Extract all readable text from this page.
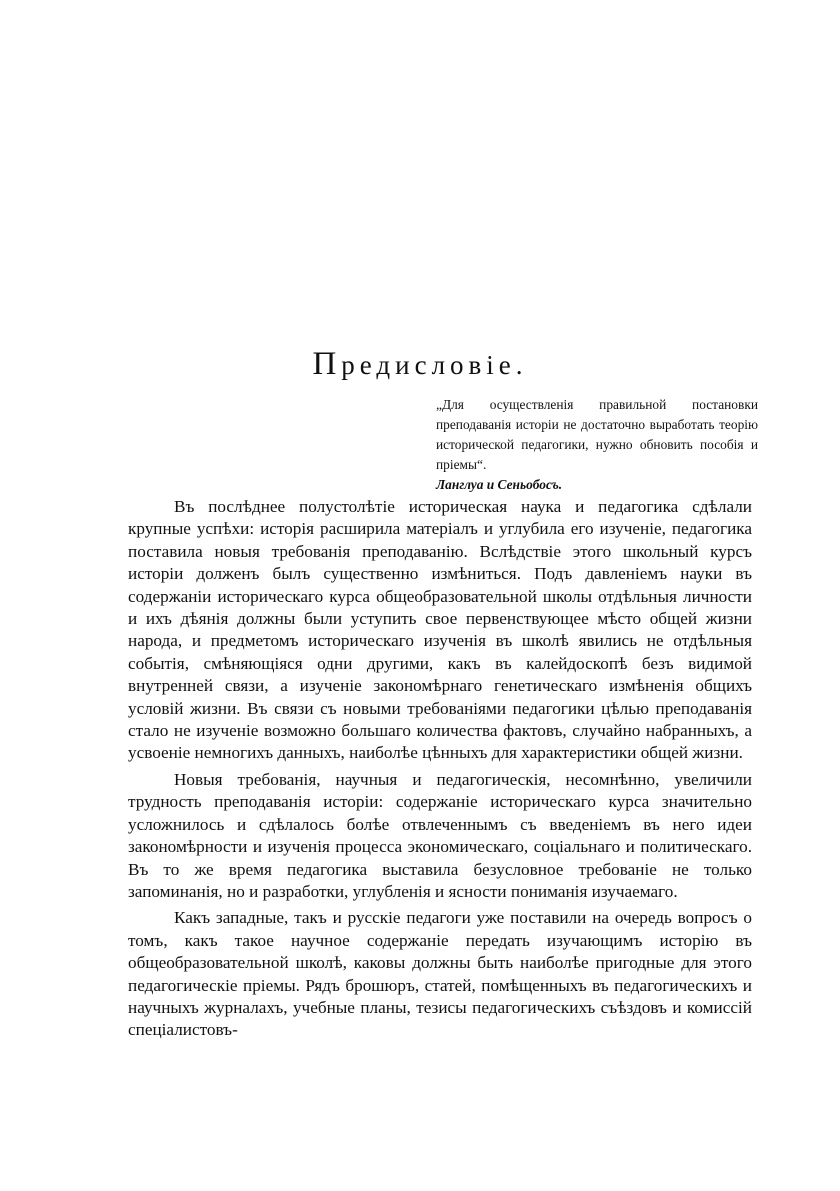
Предисловіе.

„Для осуществленія правильной постановки преподаванія исторіи не достаточно выработать теорію исторической педагогики, нужно обновить пособія и пріемы“.

Ланглуа и Сеньобосъ.

Въ послѣднее полустолѣтіе историческая наука и педагогика сдѣлали крупные успѣхи: исторія расширила матеріалъ и углубила его изученіе, педагогика поставила новыя требованія преподаванію. Вслѣдствіе этого школьный курсъ исторіи долженъ былъ существенно измѣниться. Подъ давленіемъ науки въ содержаніи историческаго курса общеобразовательной школы отдѣльныя личности и ихъ дѣянія должны были уступить свое первенствующее мѣсто общей жизни народа, и предметомъ историческаго изученія въ школѣ явились не отдѣльныя событія, смѣняющіяся одни другими, какъ въ калейдоскопѣ безъ видимой внутренней связи, а изученіе закономѣрнаго генетическаго измѣненія общихъ условій жизни. Въ связи съ новыми требованіями педагогики цѣлью преподаванія стало не изученіе возможно большаго количества фактовъ, случайно набранныхъ, а усвоеніе немногихъ данныхъ, наиболѣе цѣнныхъ для характеристики общей жизни.

Новыя требованія, научныя и педагогическія, несомнѣнно, увеличили трудность преподаванія исторіи: содержаніе историческаго курса значительно усложнилось и сдѣлалось болѣе отвлеченнымъ съ введеніемъ въ него идеи закономѣрности и изученія процесса экономическаго, соціальнаго и политическаго. Въ то же время педагогика выставила безусловное требованіе не только запоминанія, но и разработки, углубленія и ясности пониманія изучаемаго.

Какъ западные, такъ и русскіе педагоги уже поставили на очередь вопросъ о томъ, какъ такое научное содержаніе передать изучающимъ исторію въ общеобразовательной школѣ, каковы должны быть наиболѣе пригодные для этого педагогическіе пріемы. Рядъ брошюръ, статей, помѣщенныхъ въ педагогическихъ и научныхъ журналахъ, учебные планы, тезисы педагогическихъ съѣздовъ и комиссій спеціалистовъ-
